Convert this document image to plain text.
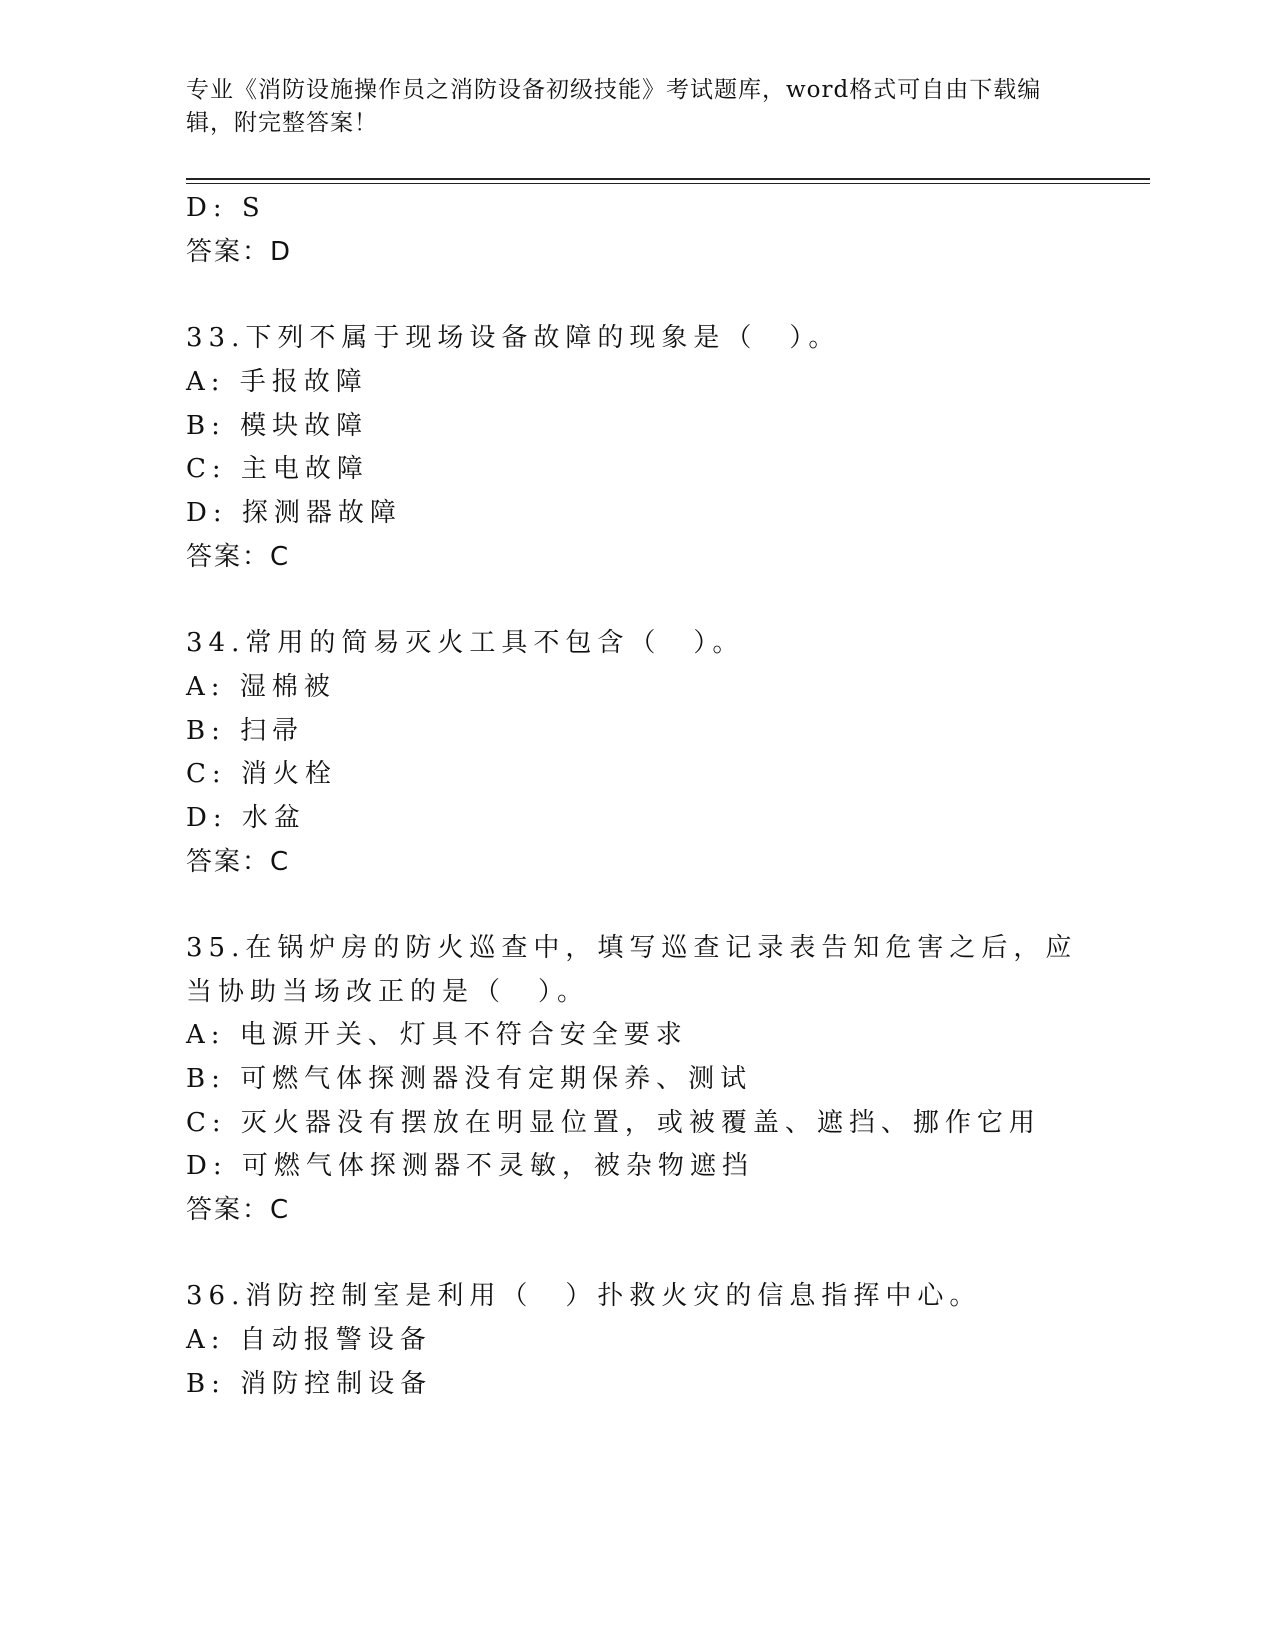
专业《消防设施操作员之消防设备初级技能》考试题库，word格式可自由下载编辑，附完整答案！
D: S
答案：D
33.下列不属于现场设备故障的现象是（　）。
A: 手报故障
B: 模块故障
C: 主电故障
D: 探测器故障
答案：C
34.常用的简易灭火工具不包含（　）。
A: 湿棉被
B: 扫帚
C: 消火栓
D: 水盆
答案：C
35.在锅炉房的防火巡查中，填写巡查记录表告知危害之后，应当协助当场改正的是（　）。
A: 电源开关、灯具不符合安全要求
B: 可燃气体探测器没有定期保养、测试
C: 灭火器没有摆放在明显位置，或被覆盖、遮挡、挪作它用
D: 可燃气体探测器不灵敏，被杂物遮挡
答案：C
36.消防控制室是利用（　）扑救火灾的信息指挥中心。
A: 自动报警设备
B: 消防控制设备
